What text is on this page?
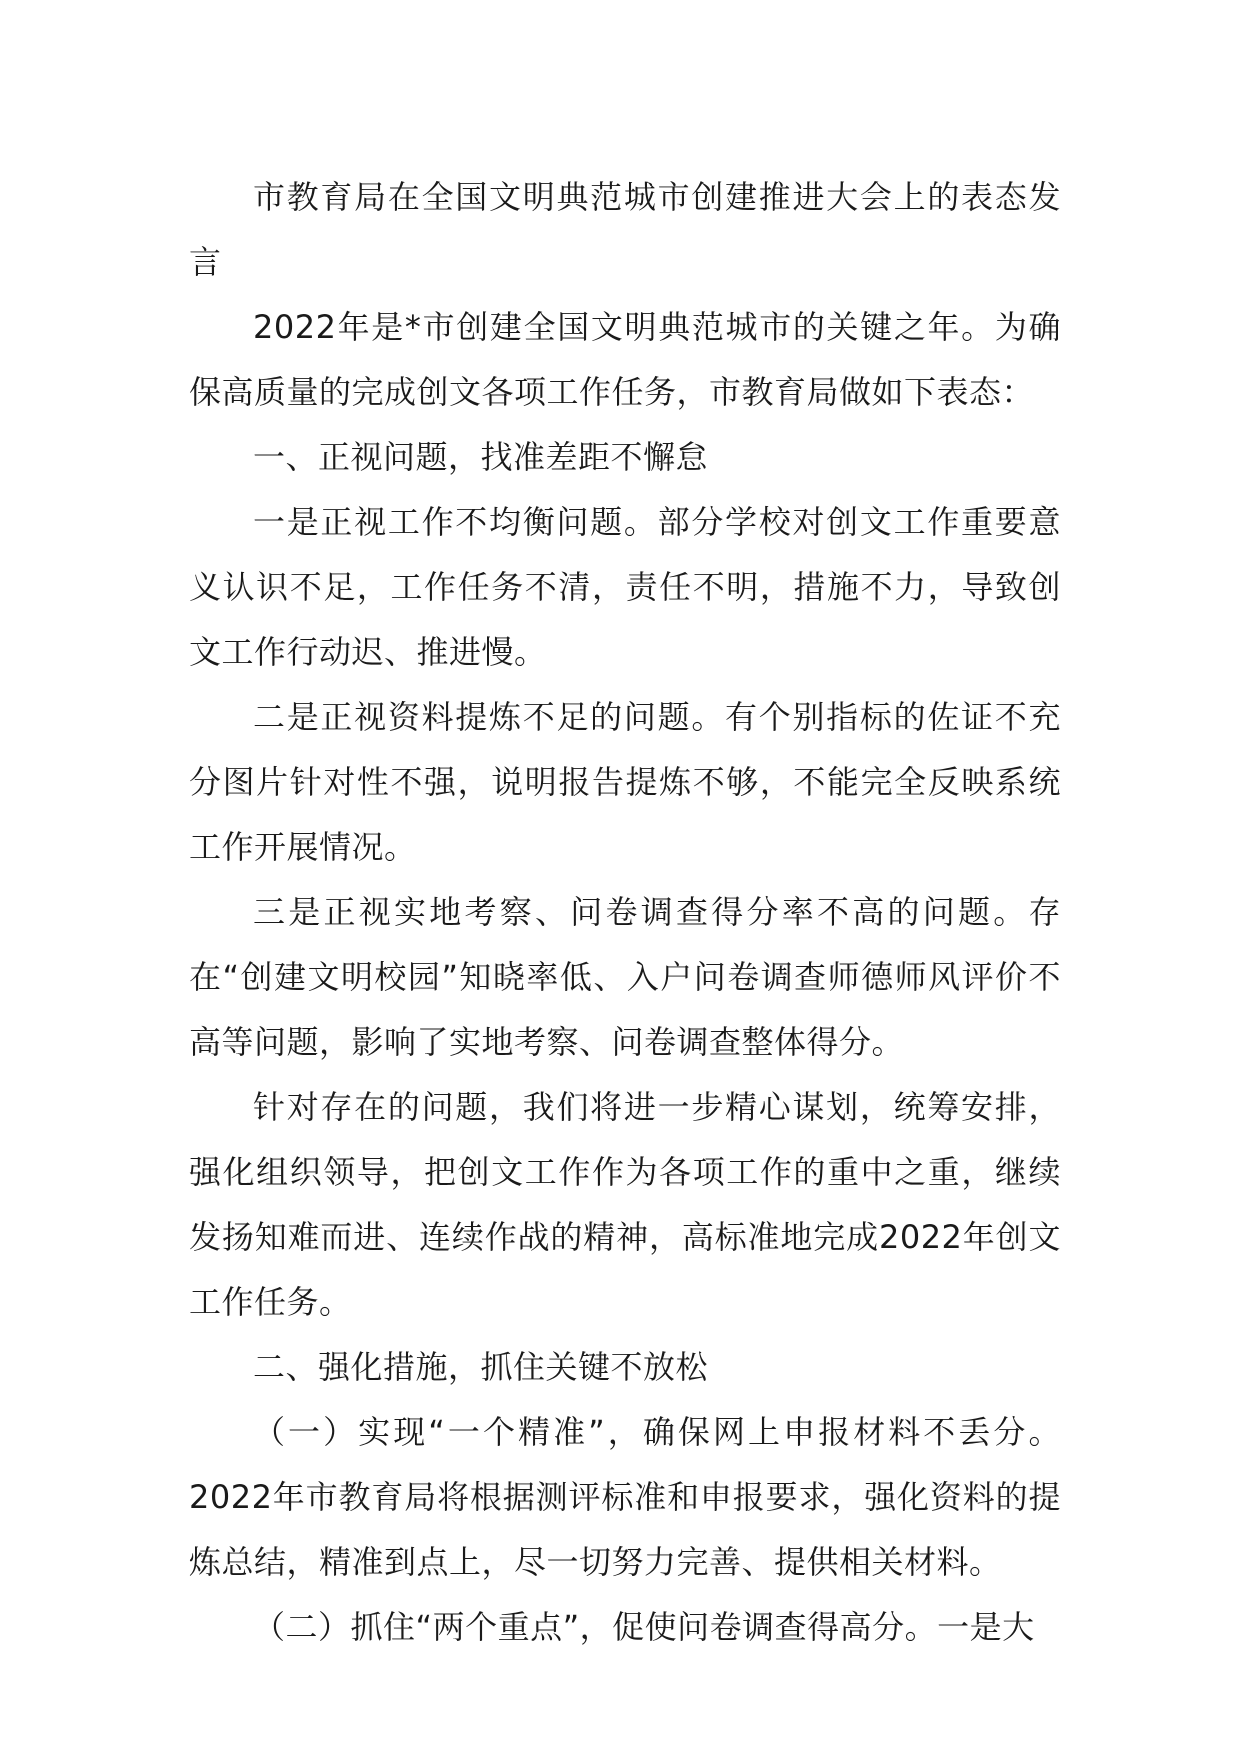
市教育局在全国文明典范城市创建推进大会上的表态发言

2022年是*市创建全国文明典范城市的关键之年。为确保高质量的完成创文各项工作任务，市教育局做如下表态：

一、正视问题，找准差距不懈怠

一是正视工作不均衡问题。部分学校对创文工作重要意义认识不足，工作任务不清，责任不明，措施不力，导致创文工作行动迟、推进慢。

二是正视资料提炼不足的问题。有个别指标的佐证不充分图片针对性不强，说明报告提炼不够，不能完全反映系统工作开展情况。

三是正视实地考察、问卷调查得分率不高的问题。存在“创建文明校园”知晓率低、入户问卷调查师德师风评价不高等问题，影响了实地考察、问卷调查整体得分。

针对存在的问题，我们将进一步精心谋划，统筹安排，强化组织领导，把创文工作作为各项工作的重中之重，继续发扬知难而进、连续作战的精神，高标准地完成2022年创文工作任务。

二、强化措施，抓住关键不放松

（一）实现“一个精准”，确保网上申报材料不丢分。2022年市教育局将根据测评标准和申报要求，强化资料的提炼总结，精准到点上，尽一切努力完善、提供相关材料。

（二）抓住“两个重点”，促使问卷调查得高分。一是大
